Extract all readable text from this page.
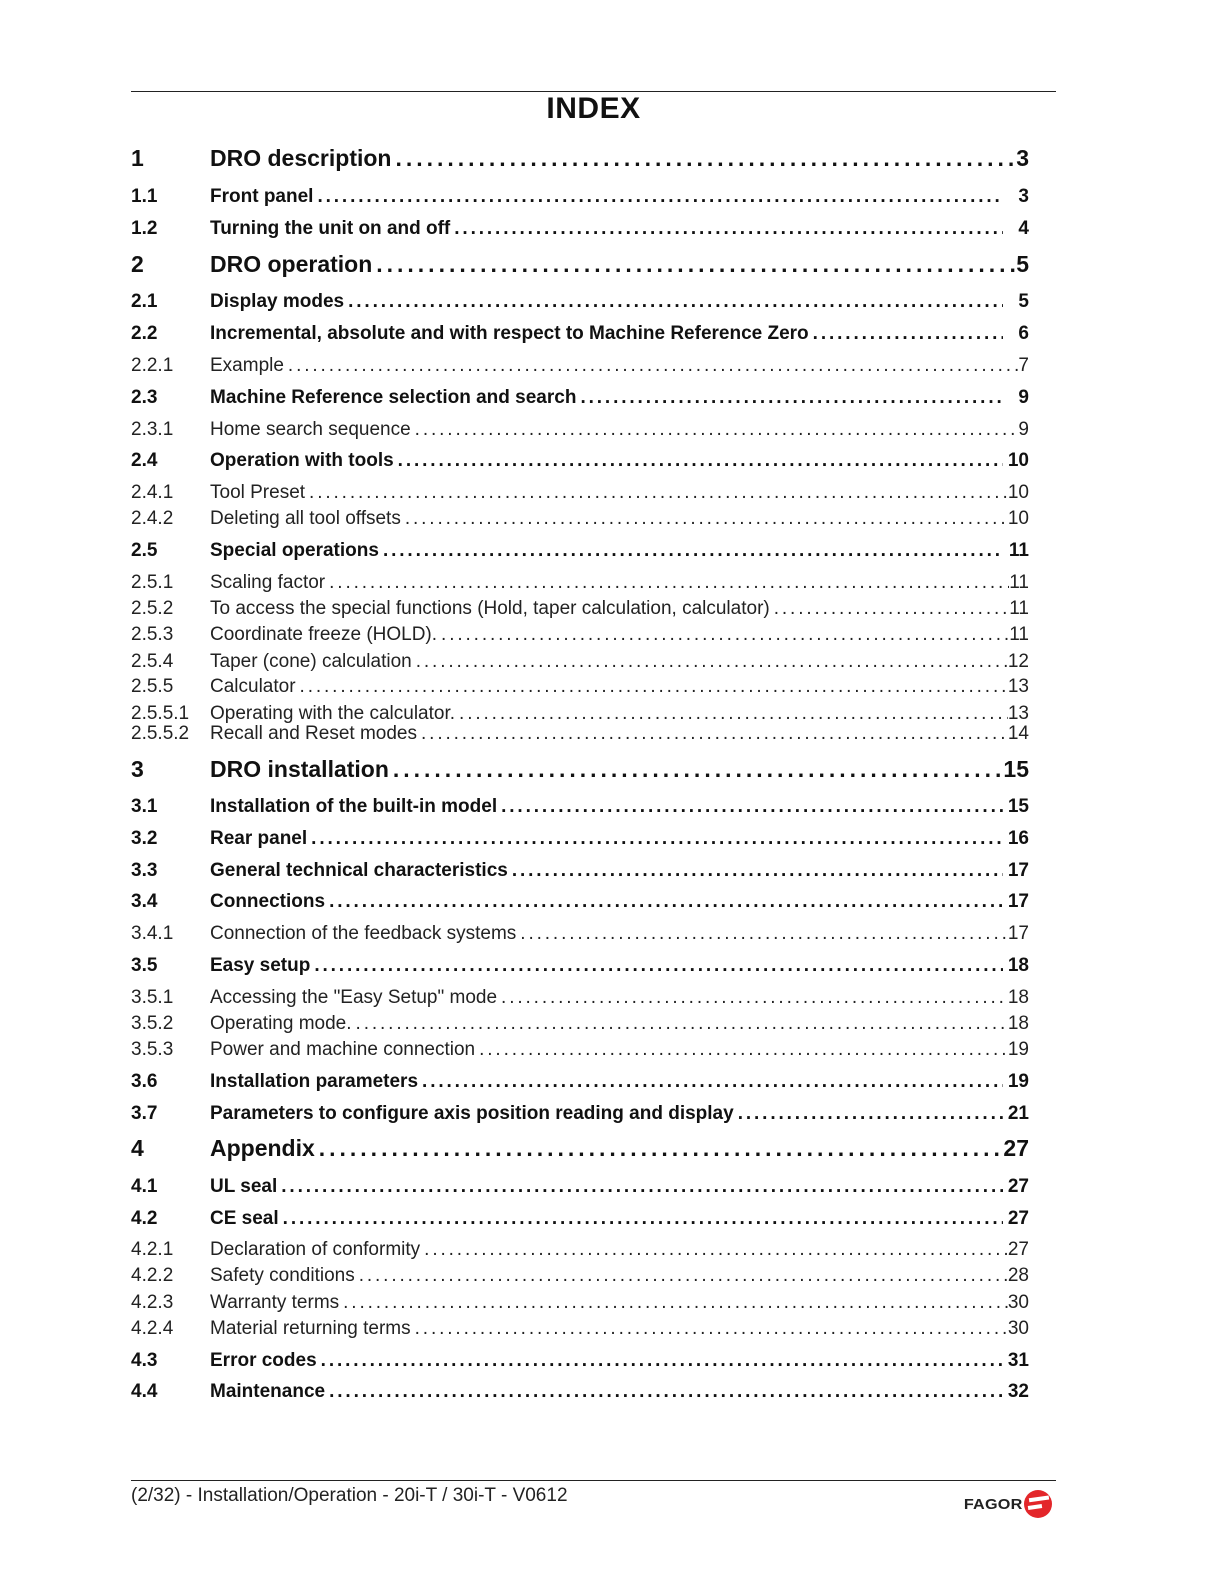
INDEX
1	DRO description . . .	3
1.1	Front panel . . .	3
1.2	Turning the unit on and off . . .	4
2	DRO operation . . .	5
2.1	Display modes . . .	5
2.2	Incremental, absolute and with respect to Machine Reference Zero . . .	6
2.2.1	Example . . .	7
2.3	Machine Reference selection and search . . .	9
2.3.1	Home search sequence . . .	9
2.4	Operation with tools . . .	10
2.4.1	Tool Preset . . .	10
2.4.2	Deleting all tool offsets . . .	10
2.5	Special operations . . .	11
2.5.1	Scaling factor . . .	11
2.5.2	To access the special functions (Hold, taper calculation, calculator) . . .	11
2.5.3	Coordinate freeze (HOLD). . . .	11
2.5.4	Taper (cone) calculation . . .	12
2.5.5	Calculator . . .	13
2.5.5.1	Operating with the calculator. . . .	13
2.5.5.2	Recall and Reset modes . . .	14
3	DRO installation . . .	15
3.1	Installation of the built-in model . . .	15
3.2	Rear panel . . .	16
3.3	General technical characteristics . . .	17
3.4	Connections . . .	17
3.4.1	Connection of the feedback systems . . .	17
3.5	Easy setup . . .	18
3.5.1	Accessing the "Easy Setup" mode . . .	18
3.5.2	Operating mode. . . .	18
3.5.3	Power and machine connection . . .	19
3.6	Installation parameters . . .	19
3.7	Parameters to configure axis position reading and display . . .	21
4	Appendix . . .	27
4.1	UL seal . . .	27
4.2	CE seal . . .	27
4.2.1	Declaration of conformity . . .	27
4.2.2	Safety conditions . . .	28
4.2.3	Warranty terms . . .	30
4.2.4	Material returning terms . . .	30
4.3	Error codes . . .	31
4.4	Maintenance . . .	32
(2/32) - Installation/Operation - 20i-T / 30i-T - V0612	FAGOR
